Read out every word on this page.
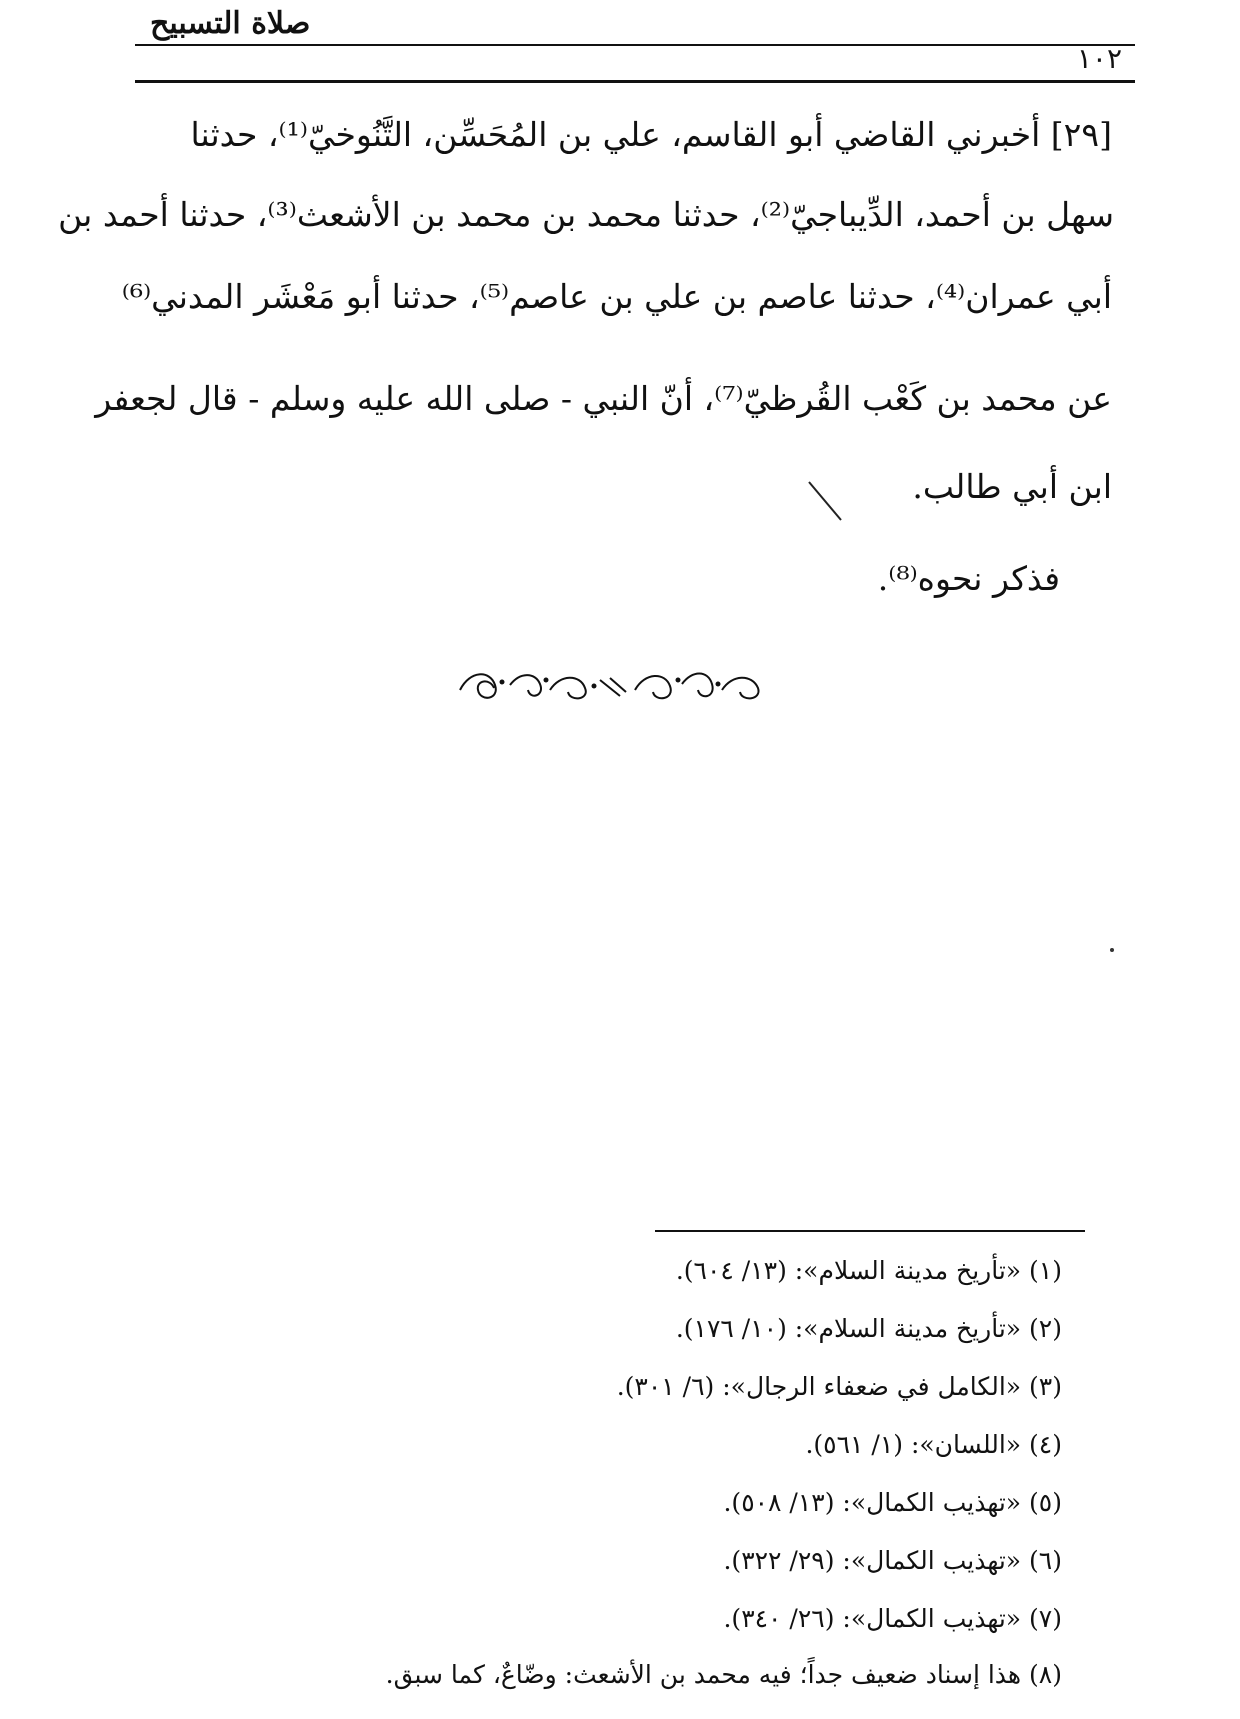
صلاة التسبيح
١٠٢
[٢٩] أخبرني القاضي أبو القاسم، علي بن المُحَسِّن، التَّنُوخيّ⁽¹⁾، حدثنا
سهل بن أحمد، الدِّيباجيّ⁽²⁾، حدثنا محمد بن محمد بن الأشعث⁽³⁾، حدثنا أحمد بن
أبي عمران⁽⁴⁾، حدثنا عاصم بن علي بن عاصم⁽⁵⁾، حدثنا أبو مَعْشَر المدني⁽⁶⁾
عن محمد بن كَعْب القُرظيّ⁽⁷⁾، أنّ النبي - صلى الله عليه وسلم - قال لجعفر
ابن أبي طالب.
فذكر نحوه⁽⁸⁾.
(١) «تأريخ مدينة السلام»: (١٣/ ٦٠٤).
(٢) «تأريخ مدينة السلام»: (١٠/ ١٧٦).
(٣) «الكامل في ضعفاء الرجال»: (٦/ ٣٠١).
(٤) «اللسان»: (١/ ٥٦١).
(٥) «تهذيب الكمال»: (١٣/ ٥٠٨).
(٦) «تهذيب الكمال»: (٢٩/ ٣٢٢).
(٧) «تهذيب الكمال»: (٢٦/ ٣٤٠).
(٨) هذا إسناد ضعيف جداً؛ فيه محمد بن الأشعث: وضّاعٌ، كما سبق.
